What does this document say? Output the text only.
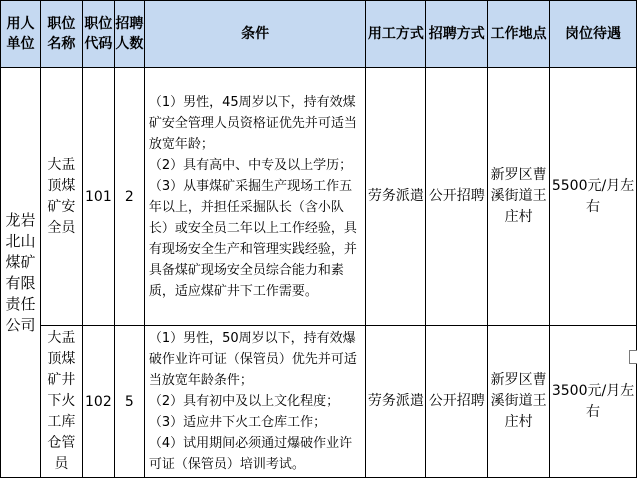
用人单位	职位名称	职位代码	招聘人数	条件	用工方式	招聘方式	工作地点	岗位待遇
龙岩北山煤矿有限责任公司	大盂顶煤矿安全员	101	2	（1）男性，45周岁以下，持有效煤矿安全管理人员资格证优先并可适当放宽年龄；
（2）具有高中、中专及以上学历；
（3）从事煤矿采掘生产现场工作五年以上，并担任采掘队长（含小队长）或安全员二年以上工作经验，具有现场安全生产和管理实践经验，并具备煤矿现场安全员综合能力和素质，适应煤矿井下工作需要。	劳务派遣	公开招聘	新罗区曹溪街道王庄村	5500元/月左右
	大盂顶煤矿井下火工库仓管员	102	5	（1）男性，50周岁以下，持有效爆破作业许可证（保管员）优先并可适当放宽年龄条件；
（2）具有初中及以上文化程度；
（3）适应井下火工仓库工作；
（4）试用期间必须通过爆破作业许可证（保管员）培训考试。	劳务派遣	公开招聘	新罗区曹溪街道王庄村	3500元/月左右
